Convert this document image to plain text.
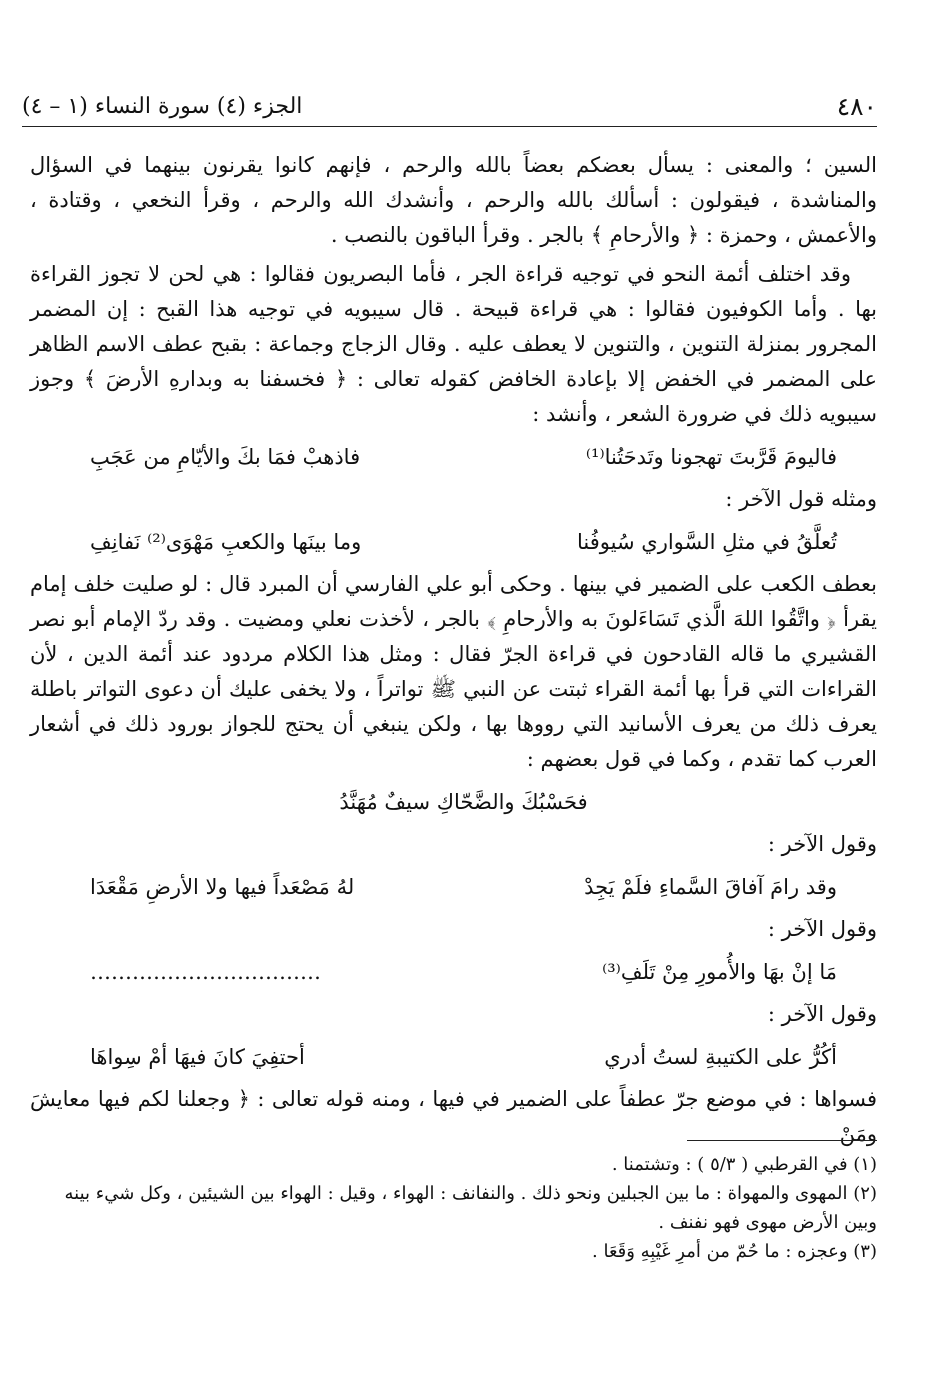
٤٨٠
الجزء (٤) سورة النساء (١ – ٤)

السين ؛ والمعنى : يسأل بعضكم بعضاً بالله والرحم ، فإنهم كانوا يقرنون بينهما في السؤال والمناشدة ، فيقولون : أسألك بالله والرحم ، وأنشدك الله والرحم ، وقرأ النخعي ، وقتادة ، والأعمش ، وحمزة : ﴿ والأرحامِ ﴾ بالجر . وقرأ الباقون بالنصب .

وقد اختلف أئمة النحو في توجيه قراءة الجر ، فأما البصريون فقالوا : هي لحن لا تجوز القراءة بها . وأما الكوفيون فقالوا : هي قراءة قبيحة . قال سيبويه في توجيه هذا القبح : إن المضمر المجرور بمنزلة التنوين ، والتنوين لا يعطف عليه . وقال الزجاج وجماعة : بقبح عطف الاسم الظاهر على المضمر في الخفض إلا بإعادة الخافض كقوله تعالى : ﴿ فخسفنا به وبدارهِ الأرضَ ﴾ وجوز سيبويه ذلك في ضرورة الشعر ، وأنشد :

فاليومَ قَرَّبتَ تهجونا وتَدحَتُنا⁽¹⁾
فاذهبْ فمَا بكَ والأيّامِ من عَجَبِ

ومثله قول الآخر :

تُعلَّقُ في مثلِ السَّواري سُيوفُنا
وما بينَها والكعبِ مَهْوَى⁽²⁾ نَفانِفِ

بعطف الكعب على الضمير في بينها . وحكى أبو علي الفارسي أن المبرد قال : لو صليت خلف إمام يقرأ ﴿ واتَّقُوا اللهَ الَّذي تَسَاءَلونَ به والأرحامِ ﴾ بالجر ، لأخذت نعلي ومضيت . وقد ردّ الإمام أبو نصر القشيري ما قاله القادحون في قراءة الجرّ فقال : ومثل هذا الكلام مردود عند أئمة الدين ، لأن القراءات التي قرأ بها أئمة القراء ثبتت عن النبي ﷺ تواتراً ، ولا يخفى عليك أن دعوى التواتر باطلة يعرف ذلك من يعرف الأسانيد التي رووها بها ، ولكن ينبغي أن يحتج للجواز بورود ذلك في أشعار العرب كما تقدم ، وكما في قول بعضهم :

فحَسْبُكَ والضَّحّاكِ سيفٌ مُهَنَّدُ

وقول الآخر :

وقد رامَ آفاقَ السَّماءِ فلَمْ يَجِدْ
لهُ مَصْعَداً فيها ولا الأرضِ مَقْعَدَا

وقول الآخر :

مَا إنْ بهَا والأُمورِ مِنْ تَلَفِ⁽³⁾
……………………………

وقول الآخر :

أكُرُّ على الكتيبةِ لستُ أدري
أحتفِيَ كانَ فيهَا أمْ سِواهَا

فسواها : في موضع جرّ عطفاً على الضمير في فيها ، ومنه قوله تعالى : ﴿ وجعلنا لكم فيها معايشَ ومَنْ

(١) في القرطبي ( ٥/٣ ) : وتشتمنا .

(٢) المهوى والمهواة : ما بين الجبلين ونحو ذلك . والنفانف : الهواء ، وقيل : الهواء بين الشيئين ، وكل شيء بينه وبين الأرض مهوى فهو نفنف .

(٣) وعجزه : ما حُمّ من أمرِ غَيْبِهِ وَقَعَا .
